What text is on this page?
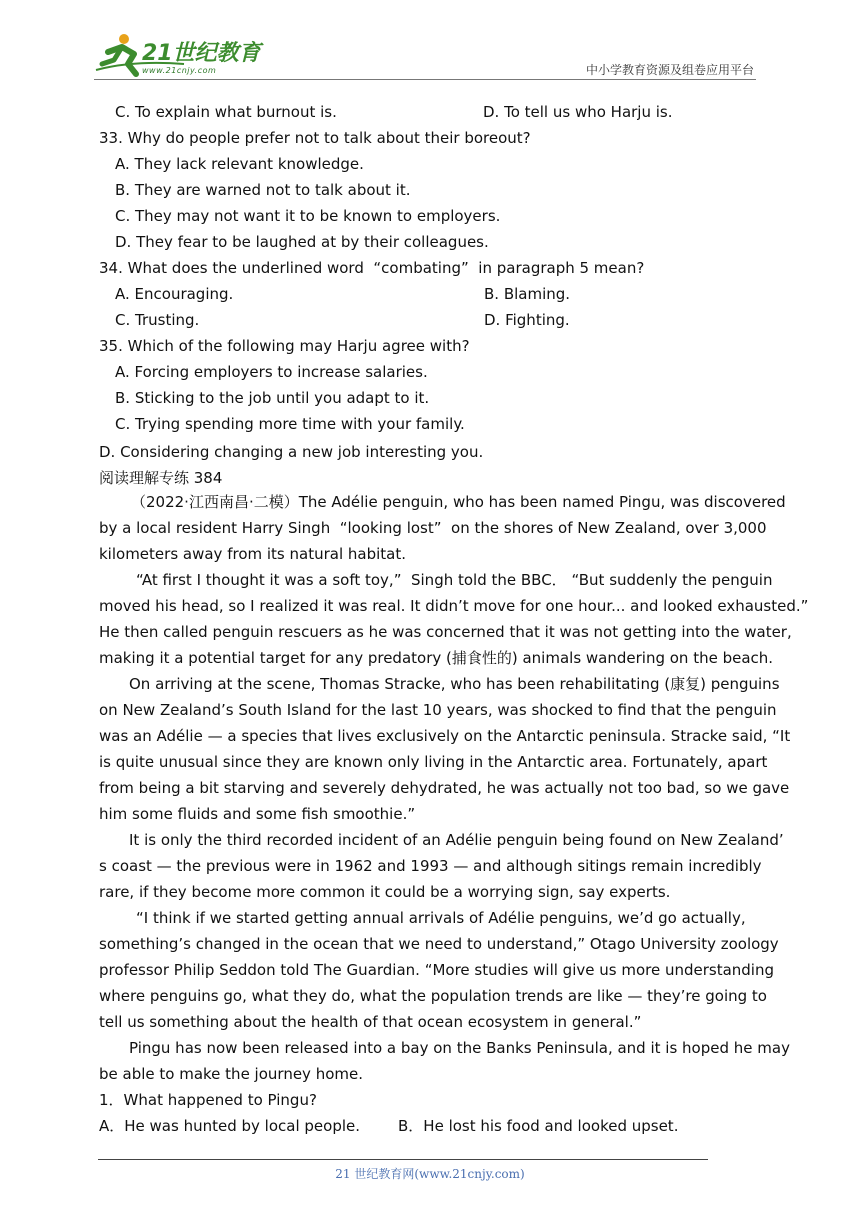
21世纪教育
www.21cnjy.com	中小学教育资源及组卷应用平台
C. To explain what burnout is.	D. To tell us who Harju is.
33. Why do people prefer not to talk about their boreout?
A. They lack relevant knowledge.
B. They are warned not to talk about it.
C. They may not want it to be known to employers.
D. They fear to be laughed at by their colleagues.
34. What does the underlined word  “combating”  in paragraph 5 mean?
A. Encouraging.	B. Blaming.
C. Trusting.	D. Fighting.
35. Which of the following may Harju agree with?
A. Forcing employers to increase salaries.
B. Sticking to the job until you adapt to it.
C. Trying spending more time with your family.
D. Considering changing a new job interesting you.
阅读理解专练 384
（2022·江西南昌·二模）The Adélie penguin, who has been named Pingu, was discovered
by a local resident Harry Singh  “looking lost”  on the shores of New Zealand, over 3,000
kilometers away from its natural habitat.
“At first I thought it was a soft toy,”  Singh told the BBC． “But suddenly the penguin
moved his head, so I realized it was real. It didn’t move for one hour... and looked exhausted.”
He then called penguin rescuers as he was concerned that it was not getting into the water,
making it a potential target for any predatory (捕食性的) animals wandering on the beach.
On arriving at the scene, Thomas Stracke, who has been rehabilitating (康复) penguins
on New Zealand’s South Island for the last 10 years, was shocked to find that the penguin
was an Adélie — a species that lives exclusively on the Antarctic peninsula. Stracke said, “It
is quite unusual since they are known only living in the Antarctic area. Fortunately, apart
from being a bit starving and severely dehydrated, he was actually not too bad, so we gave
him some fluids and some fish smoothie.”
It is only the third recorded incident of an Adélie penguin being found on New Zealand’
s coast — the previous were in 1962 and 1993 — and although sitings remain incredibly
rare, if they become more common it could be a worrying sign, say experts.
“I think if we started getting annual arrivals of Adélie penguins, we’d go actually,
something’s changed in the ocean that we need to understand,” Otago University zoology
professor Philip Seddon told The Guardian. “More studies will give us more understanding
where penguins go, what they do, what the population trends are like — they’re going to
tell us something about the health of that ocean ecosystem in general.”
Pingu has now been released into a bay on the Banks Peninsula, and it is hoped he may
be able to make the journey home.
1．What happened to Pingu?
A．He was hunted by local people.	B．He lost his food and looked upset.
21 世纪教育网(www.21cnjy.com)
